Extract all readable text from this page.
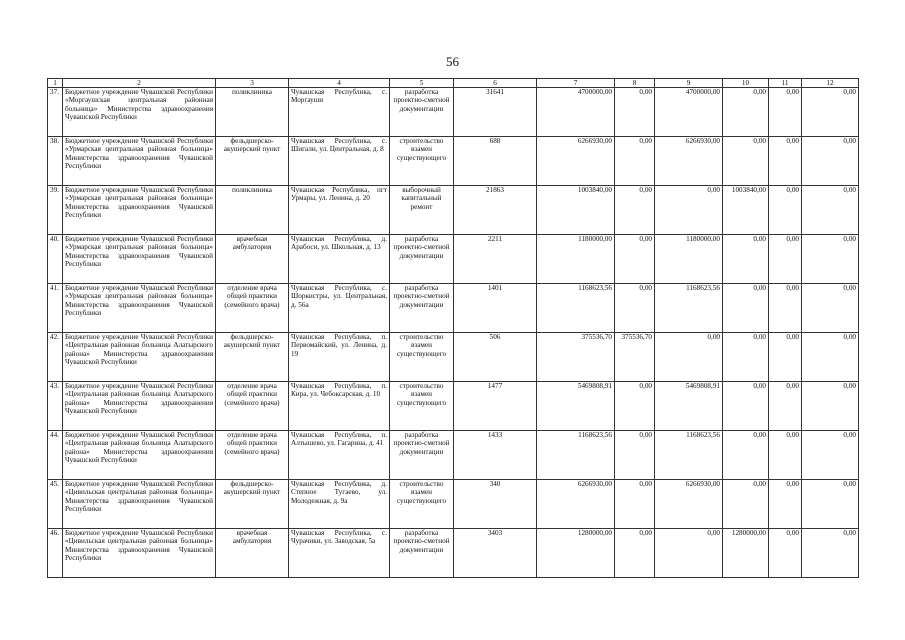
56
1	2	3	4	5	6	7	8	9	10	11	12
37.	Бюджетное учреждение Чувашской Республики «Моргаушская центральная районная больница» Министерства здравоохранения Чувашской Республики	поликлиника	Чувашская Республика, с. Моргауши	разработка проектно-сметной документации	31641	4700000,00	0,00	4700000,00	0,00	0,00	0,00
38.	Бюджетное учреждение Чувашской Республики «Урмарская центральная районная больница» Министерства здравоохранения Чувашской Республики	фельдшерско-акушерский пункт	Чувашская Республика, с. Шигали, ул. Центральная, д. 8	строительство взамен существующего	688	6266930,00	0,00	6266930,00	0,00	0,00	0,00
39.	Бюджетное учреждение Чувашской Республики «Урмарская центральная районная больница» Министерства здравоохранения Чувашской Республики	поликлиника	Чувашская Республика, пгт Урмары, ул. Ленина, д. 20	выборочный капитальный ремонт	21863	1003840,00	0,00	0,00	1003840,00	0,00	0,00
40.	Бюджетное учреждение Чувашской Республики «Урмарская центральная районная больница» Министерства здравоохранения Чувашской Республики	врачебная амбулатория	Чувашская Республика, д. Арабоси, ул. Школьная, д. 13	разработка проектно-сметной документации	2211	1180000,00	0,00	1180000,00	0,00	0,00	0,00
41.	Бюджетное учреждение Чувашской Республики «Урмарская центральная районная больница» Министерства здравоохранения Чувашской Республики	отделение врача общей практики (семейного врача)	Чувашская Республика, с. Шоркистры, ул. Центральная, д. 56а	разработка проектно-сметной документации	1401	1168623,56	0,00	1168623,56	0,00	0,00	0,00
42.	Бюджетное учреждение Чувашской Республики «Центральная районная больница Алатырского района» Министерства здравоохранения Чувашской Республики	фельдшерско-акушерский пункт	Чувашская Республика, п. Первомайский, ул. Ленина, д. 19	строительство взамен существующего	506	375536,70	375536,70	0,00	0,00	0,00	0,00
43.	Бюджетное учреждение Чувашской Республики «Центральная районная больница Алатырского района» Министерства здравоохранения Чувашской Республики	отделение врача общей практики (семейного врача)	Чувашская Республика, п. Кира, ул. Чебоксарская, д. 10	строительство взамен существующего	1477	5469808,91	0,00	5469808,91	0,00	0,00	0,00
44.	Бюджетное учреждение Чувашской Республики «Центральная районная больница Алатырского района» Министерства здравоохранения Чувашской Республики	отделение врача общей практики (семейного врача)	Чувашская Республика, п. Алтышево, ул. Гагарина, д. 41	разработка проектно-сметной документации	1433	1168623,56	0,00	1168623,56	0,00	0,00	0,00
45.	Бюджетное учреждение Чувашской Республики «Цивильская центральная районная больница» Министерства здравоохранения Чувашской Республики	фельдшерско-акушерский пункт	Чувашская Республика, д. Степное Тугаево, ул. Молодежная, д. 9а	строительство взамен существующего	340	6266930,00	0,00	6266930,00	0,00	0,00	0,00
46.	Бюджетное учреждение Чувашской Республики «Цивильская центральная районная больница» Министерства здравоохранения Чувашской Республики	врачебная амбулатория	Чувашская Республика, с. Чурачики, ул. Заводская, 5а	разработка проектно-сметной документации	3403	1280000,00	0,00	0,00	1280000,00	0,00	0,00
